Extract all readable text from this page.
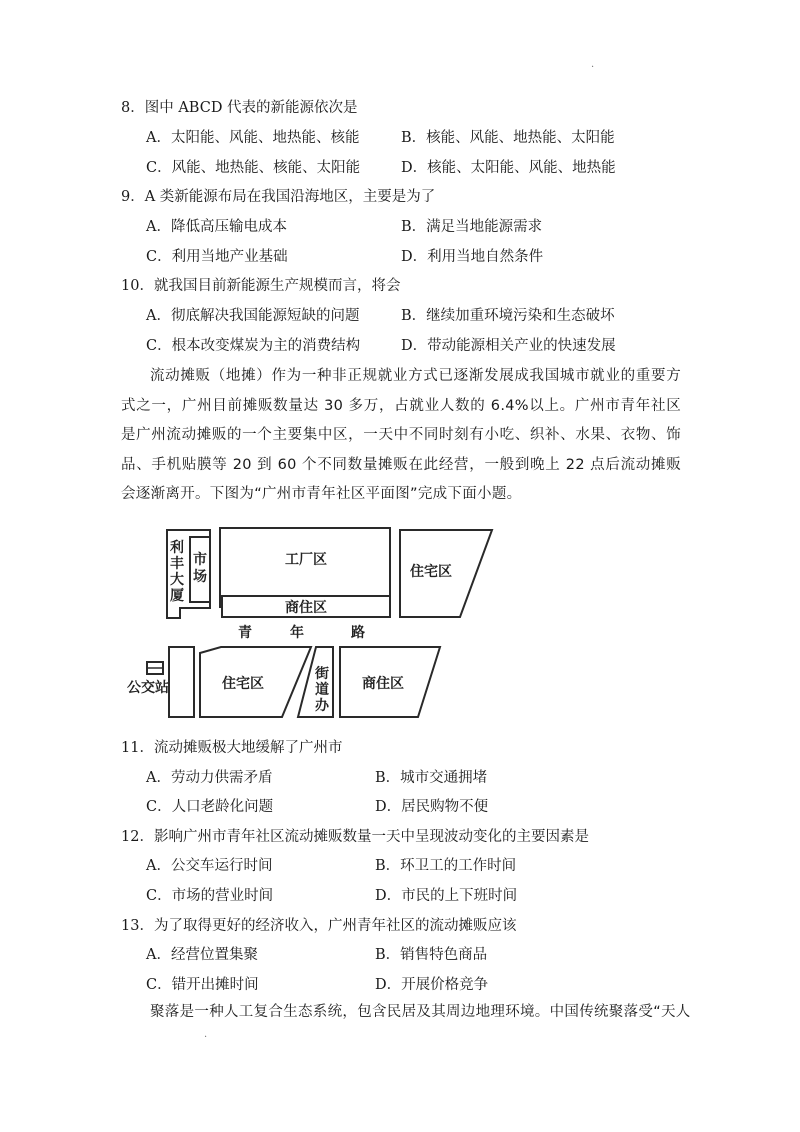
·
·
8．图中 ABCD 代表的新能源依次是
A．太阳能、风能、地热能、核能	B．核能、风能、地热能、太阳能
C．风能、地热能、核能、太阳能	D．核能、太阳能、风能、地热能
9．A 类新能源布局在我国沿海地区，主要是为了
A．降低高压输电成本	B．满足当地能源需求
C．利用当地产业基础	D．利用当地自然条件
10．就我国目前新能源生产规模而言，将会
A．彻底解决我国能源短缺的问题	B．继续加重环境污染和生态破坏
C．根本改变煤炭为主的消费结构	D．带动能源相关产业的快速发展
流动摊贩（地摊）作为一种非正规就业方式已逐渐发展成我国城市就业的重要方式之一，广州目前摊贩数量达 30 多万，占就业人数的 6.4%以上。广州市青年社区是广州流动摊贩的一个主要集中区，一天中不同时刻有小吃、织补、水果、衣物、饰品、手机贴膜等 20 到 60 个不同数量摊贩在此经营，一般到晚上 22 点后流动摊贩会逐渐离开。下图为“广州市青年社区平面图”完成下面小题。
利
丰
大
厦
市
场
工厂区
住宅区
商住区
青	年	路
公交站	住宅区
街
道
办
商住区
11．流动摊贩极大地缓解了广州市
A．劳动力供需矛盾	B．城市交通拥堵
C．人口老龄化问题	D．居民购物不便
12．影响广州市青年社区流动摊贩数量一天中呈现波动变化的主要因素是
A．公交车运行时间	B．环卫工的工作时间
C．市场的营业时间	D．市民的上下班时间
13．为了取得更好的经济收入，广州青年社区的流动摊贩应该
A．经营位置集聚	B．销售特色商品
C．错开出摊时间	D．开展价格竞争
聚落是一种人工复合生态系统，包含民居及其周边地理环境。中国传统聚落受“天人
